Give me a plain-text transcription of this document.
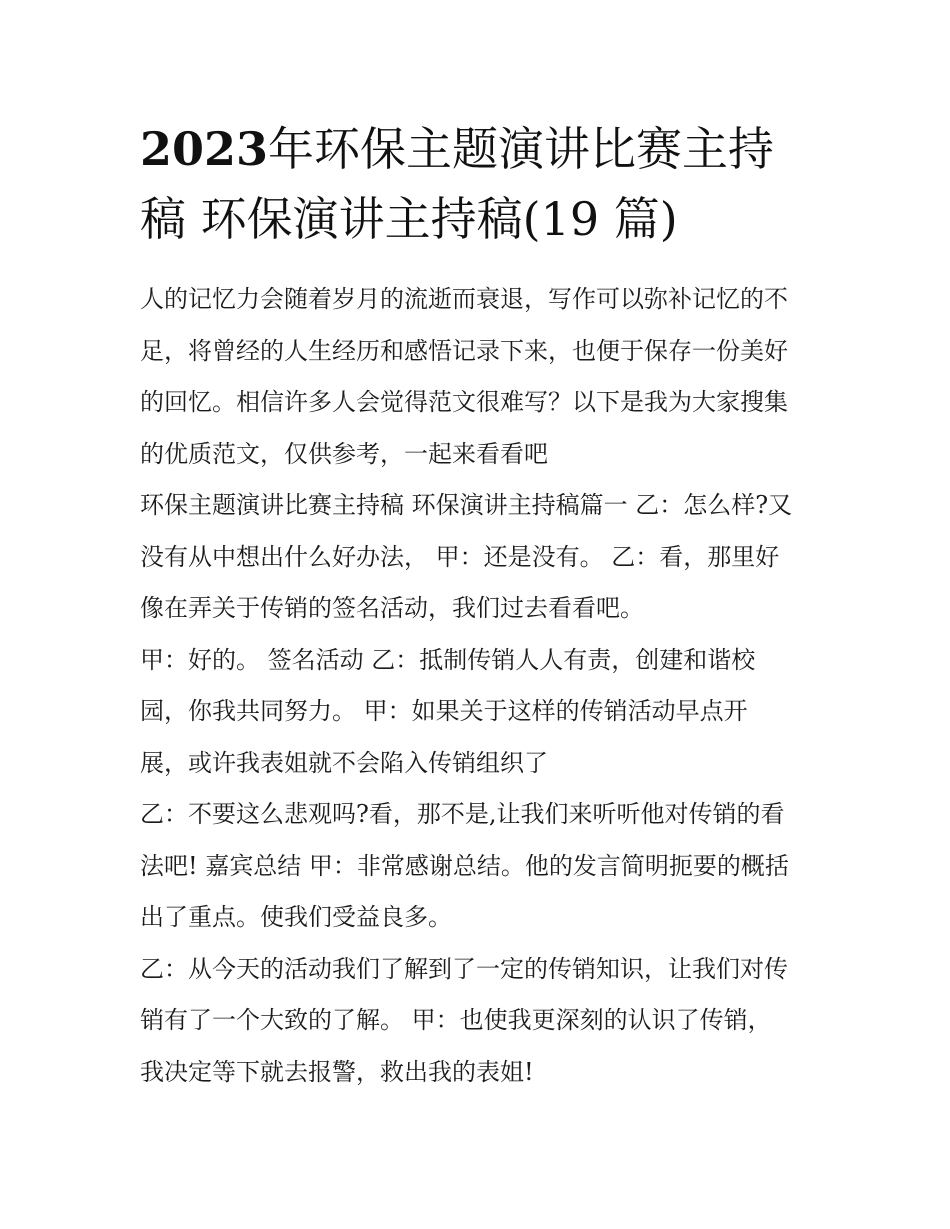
2023年环保主题演讲比赛主持
稿 环保演讲主持稿(19 篇)

人的记忆力会随着岁月的流逝而衰退，写作可以弥补记忆的不
足，将曾经的人生经历和感悟记录下来，也便于保存一份美好
的回忆。相信许多人会觉得范文很难写？以下是我为大家搜集
的优质范文，仅供参考，一起来看看吧

环保主题演讲比赛主持稿 环保演讲主持稿篇一 乙：怎么样?又
没有从中想出什么好办法， 甲：还是没有。 乙：看，那里好
像在弄关于传销的签名活动，我们过去看看吧。

甲：好的。 签名活动 乙：抵制传销人人有责，创建和谐校
园，你我共同努力。 甲：如果关于这样的传销活动早点开
展，或许我表姐就不会陷入传销组织了

乙：不要这么悲观吗?看，那不是,让我们来听听他对传销的看
法吧! 嘉宾总结 甲：非常感谢总结。他的发言简明扼要的概括
出了重点。使我们受益良多。

乙：从今天的活动我们了解到了一定的传销知识，让我们对传
销有了一个大致的了解。 甲：也使我更深刻的认识了传销，
我决定等下就去报警，救出我的表姐!
